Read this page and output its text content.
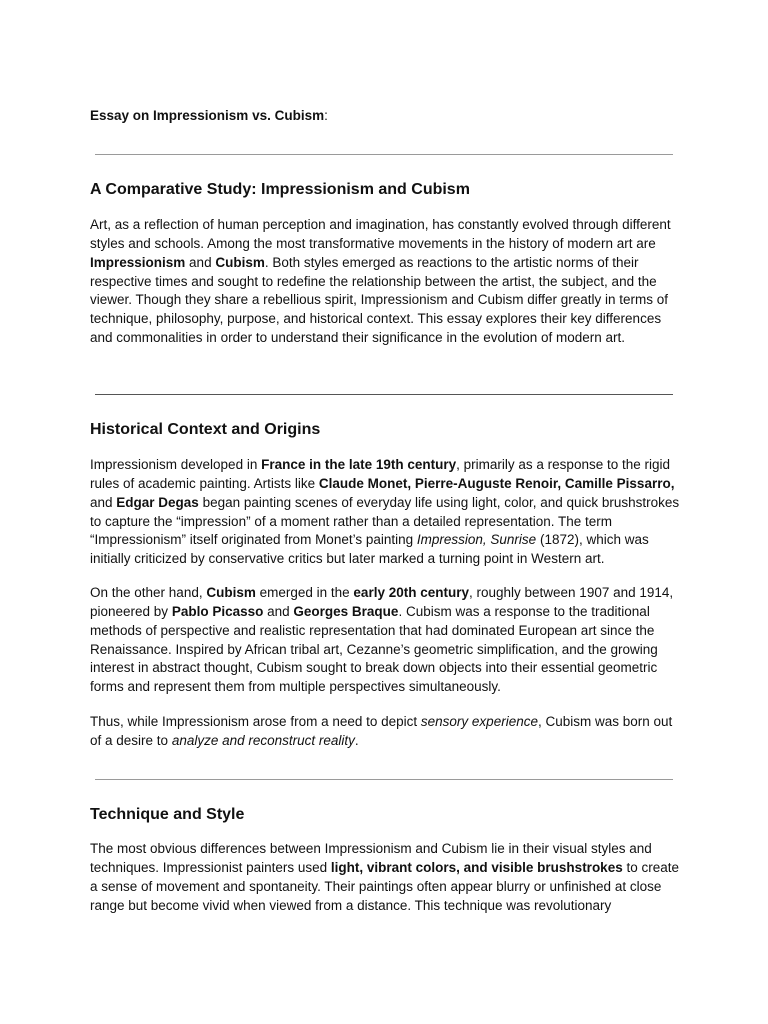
Essay on Impressionism vs. Cubism:
A Comparative Study: Impressionism and Cubism

Art, as a reflection of human perception and imagination, has constantly evolved through different styles and schools. Among the most transformative movements in the history of modern art are Impressionism and Cubism. Both styles emerged as reactions to the artistic norms of their respective times and sought to redefine the relationship between the artist, the subject, and the viewer. Though they share a rebellious spirit, Impressionism and Cubism differ greatly in terms of technique, philosophy, purpose, and historical context. This essay explores their key differences and commonalities in order to understand their significance in the evolution of modern art.

Historical Context and Origins

Impressionism developed in France in the late 19th century, primarily as a response to the rigid rules of academic painting. Artists like Claude Monet, Pierre-Auguste Renoir, Camille Pissarro, and Edgar Degas began painting scenes of everyday life using light, color, and quick brushstrokes to capture the “impression” of a moment rather than a detailed representation. The term “Impressionism” itself originated from Monet’s painting Impression, Sunrise (1872), which was initially criticized by conservative critics but later marked a turning point in Western art.

On the other hand, Cubism emerged in the early 20th century, roughly between 1907 and 1914, pioneered by Pablo Picasso and Georges Braque. Cubism was a response to the traditional methods of perspective and realistic representation that had dominated European art since the Renaissance. Inspired by African tribal art, Cezanne’s geometric simplification, and the growing interest in abstract thought, Cubism sought to break down objects into their essential geometric forms and represent them from multiple perspectives simultaneously.

Thus, while Impressionism arose from a need to depict sensory experience, Cubism was born out of a desire to analyze and reconstruct reality.

Technique and Style

The most obvious differences between Impressionism and Cubism lie in their visual styles and techniques. Impressionist painters used light, vibrant colors, and visible brushstrokes to create a sense of movement and spontaneity. Their paintings often appear blurry or unfinished at close range but become vivid when viewed from a distance. This technique was revolutionary
